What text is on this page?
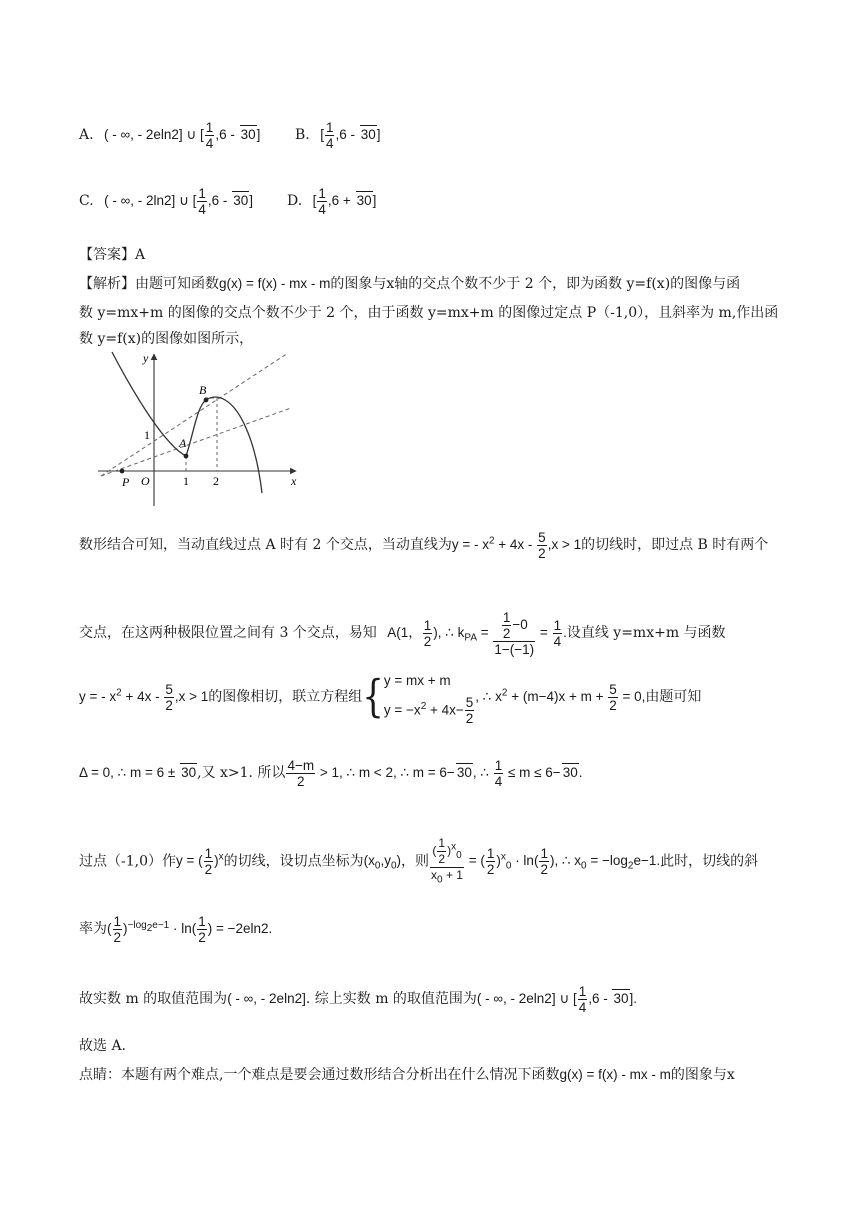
A. ( - ∞, - 2eln2] ∪ [ $\frac{1}{4} ,6 - 30$] B. [ $\frac{1}{4} ,6 - 30$]
C. ( - ∞, - 2ln2] ∪ [ $\frac{1}{4} ,6 - 30$] D. [ $\frac{1}{4} ,6 + 30$]
【答案】A
【解析】由题可知函数g(x) = f(x) - mx - m的图象与x轴的交点个数不少于 2 个，即为函数 y=f(x)的图像与函
数 y=mx+m 的图像的交点个数不少于 2 个，由于函数 y=mx+m 的图像过定点 P（-1,0），且斜率为 m,作出函
数 y=f(x)的图像如图所示，
y
x
O
P
A
B
1
1 2
数形结合可知，当动直线过点 A 时有 2 个交点，当动直线为y = - $x^2 + 4x - \frac{5}{2} ,x > 1$的切线时，即过点 B 时有两个
交点，在这两种极限位置之间有 3 个交点，易知 A(1， $\frac{1}{2}$ ), ∴ $k_{PA} = \frac{\frac{1}{2} -0}{1-(-1)} = \frac{1}{4}$ .设直线 y=mx+m 与函数
y = - $x^2 + 4x - \frac{5}{2} ,x > 1$的图像相切，联立方程组{ y = mx + m
$y = -x^2 + 4x- \frac{5}{2}$ , ∴ $x^2 + (m-4)x + m + \frac{5}{2} = 0$,由题可知
Δ = 0, ∴ m = 6 ± 30,又 x>1. 所以 $\frac{4-m}{2} > 1$, ∴ m < 2, ∴ m = 6− 30, ∴ $\frac{1}{4} \le m \le 6- 30$.
过点（-1,0）作y = ( $\frac{1}{2} )^x$的切线，设切点坐标为$(x_0,y_0)$，则 $\frac{( \frac{1}{2} )^x_0}{x_0 + 1}$ = ( $\frac{1}{2} )^x_0 \cdot \ln( \frac{1}{2}$ ), ∴ $x_0 = -\log_2e-1$.此时，切线的斜
率为( $\frac{1}{2} )^{-log_2e-1} \cdot \ln( \frac{1}{2}$ ) = −2eln2.
故实数 m 的取值范围为( - ∞, - 2eln2]. 综上实数 m 的取值范围为( - ∞, - 2eln2] ∪ [ $\frac{1}{4} ,6 - 30$].
故选 A.
点睛：本题有两个难点,一个难点是要会通过数形结合分析出在什么情况下函数g(x) = f(x) - mx - m的图象与x
